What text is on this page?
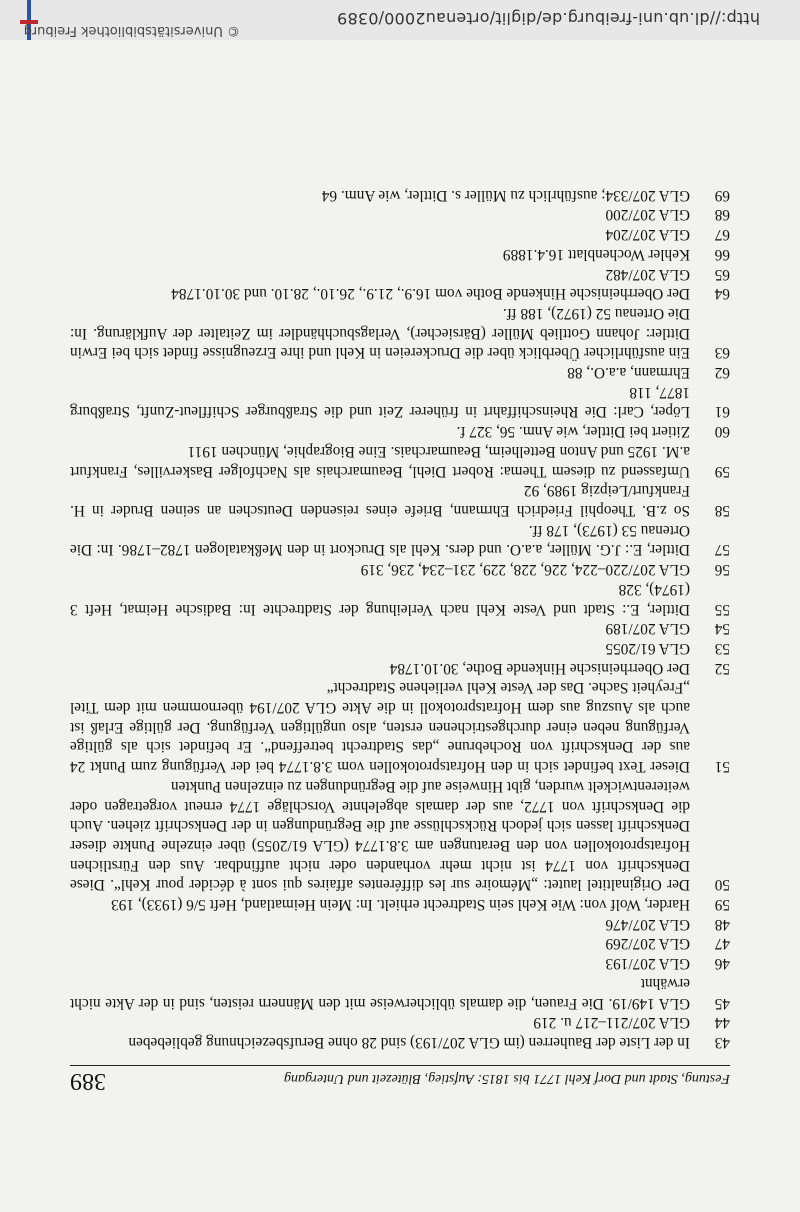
Festung, Stadt und Dorf Kehl 1771 bis 1815: Aufstieg, Blütezeit und Untergang
389
43
In der Liste der Bauherren (im GLA 207/193) sind 28 ohne Berufsbezeichnung gebliebeben
44
GLA 207/211–217 u. 219
45
GLA 149/19. Die Frauen, die damals üblicherweise mit den Männern reisten, sind in der Akte nicht erwähnt
46
GLA 207/193
47
GLA 207/269
48
GLA 207/476
59
Harder, Wolf von: Wie Kehl sein Stadtrecht erhielt. In: Mein Heimatland, Heft 5/6 (1933), 193
50
Der Originaltitel lautet: „Mémoire sur les différentes affaires qui sont à décider pour Kehl“. Diese Denkschrift von 1774 ist nicht mehr vorhanden oder nicht auffindbar. Aus den Fürstlichen Hofratsprotokollen von den Beratungen am 3.8.1774 (GLA 61/2055) über einzelne Punkte dieser Denkschrift lassen sich jedoch Rückschlüsse auf die Begründungen in der Denkschrift ziehen. Auch die Denkschrift von 1772, aus der damals abgelehnte Vorschläge 1774 erneut vorgetragen oder weiterentwickelt wurden, gibt Hinweise auf die Begründungen zu einzelnen Punkten
51
Dieser Text befindet sich in den Hofratsprotokollen vom 3.8.1774 bei der Verfügung zum Punkt 24 aus der Denkschrift von Rochebrune „das Stadtrecht betreffend“. Er befindet sich als gültige Verfügung neben einer durchgestrichenen ersten, also ungültigen Verfügung. Der gültige Erlaß ist auch als Auszug aus dem Hofratsprotokoll in die Akte GLA 207/194 übernommen mit dem Titel „Freyheit Sache. Das der Veste Kehl verliehene Stadtrecht“
52
Der Oberrheinische Hinkende Bothe, 30.10.1784
53
GLA 61/2055
54
GLA 207/189
55
Dittler, E.: Stadt und Veste Kehl nach Verleihung der Stadtrechte In: Badische Heimat, Heft 3 (1974), 328
56
GLA 207/220–224, 226, 228, 229, 231–234, 236, 319
57
Dittler, E.: J.G. Müller, a.a.O. und ders. Kehl als Druckort in den Meßkatalogen 1782–1786. In: Die Ortenau 53 (1973), 178 ff.
58
So z.B. Theophil Friedrich Ehrmann, Briefe eines reisenden Deutschen an seinen Bruder in H. Frankfurt/Leipzig 1989, 92
59
Umfassend zu diesem Thema: Robert Diehl, Beaumarchais als Nachfolger Baskervilles, Frankfurt a.M. 1925 und Anton Bettelheim, Beaumarchais. Eine Biographie, München 1911
60
Zitiert bei Dittler, wie Anm. 56, 327 f.
61
Löper, Carl: Die Rheinschiffahrt in früherer Zeit und die Straßburger Schiffleut-Zunft, Straßburg 1877, 118
62
Ehrmann, a.a.O., 88
63
Ein ausführlicher Überblick über die Druckereien in Kehl und ihre Erzeugnisse findet sich bei Erwin Dittler: Johann Gottlieb Müller (Bärsiecher), Verlagsbuchhändler im Zeitalter der Aufklärung. In: Die Ortenau 52 (1972), 188 ff.
64
Der Oberrheinische Hinkende Bothe vom 16.9., 21.9., 26.10., 28.10. und 30.10.1784
65
GLA 207/482
66
Kehler Wochenblatt 16.4.1889
67
GLA 207/204
68
GLA 207/200
69
GLA 207/334; ausführlich zu Müller s. Dittler, wie Anm. 64
http://dl.ub.uni-freiburg.de/diglit/ortenau2000/0389
© Universitätsbibliothek Freiburg
